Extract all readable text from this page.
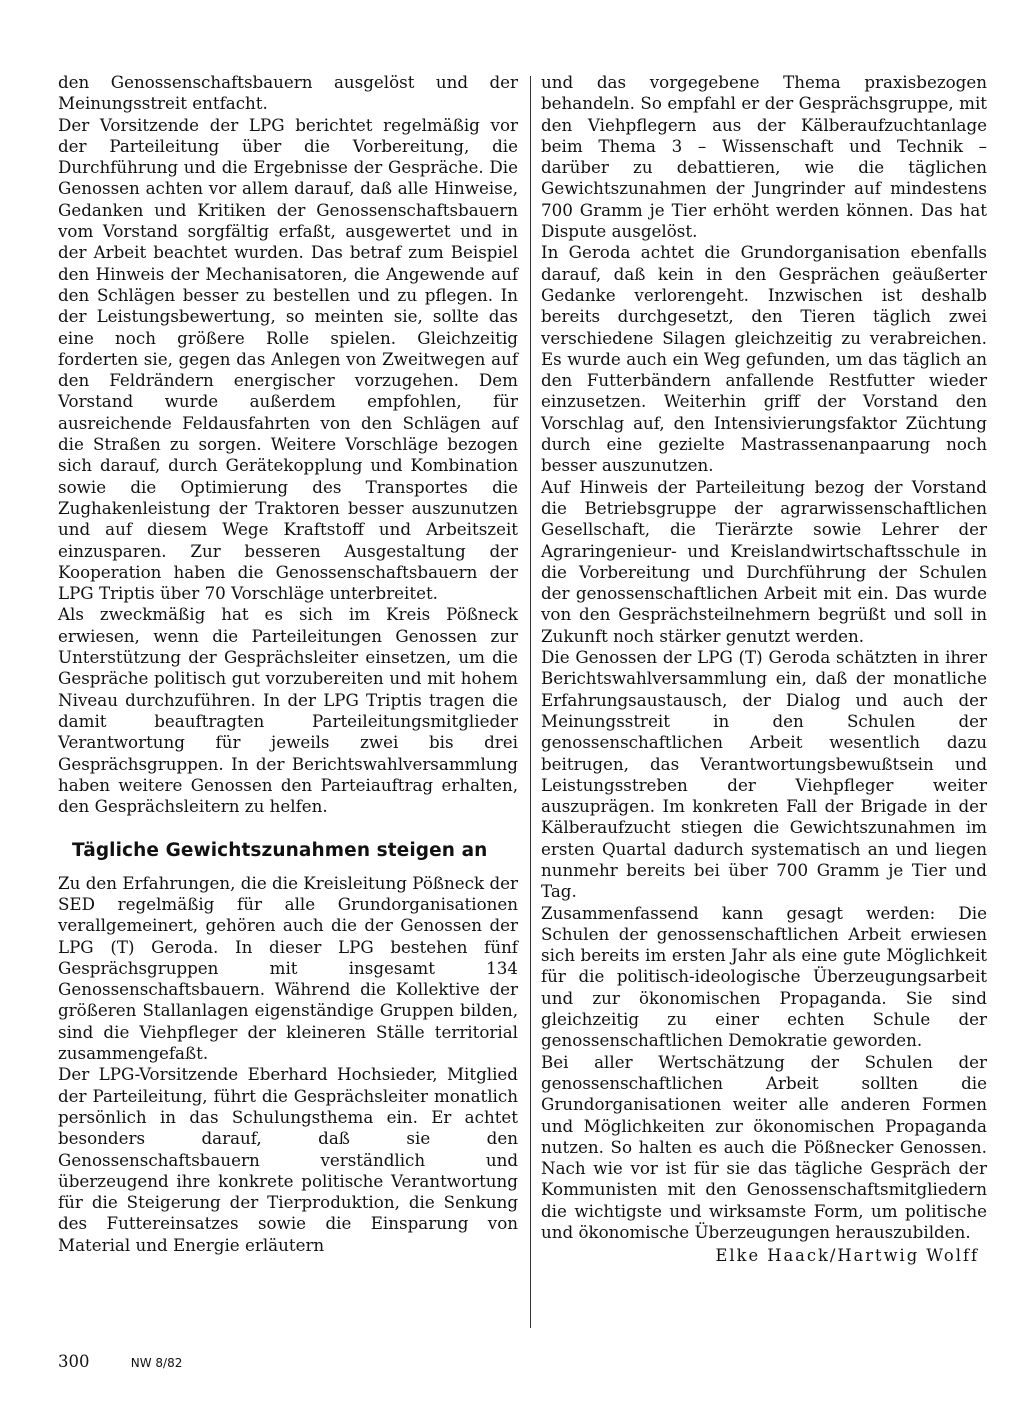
den Genossenschaftsbauern ausgelöst und der Meinungsstreit entfacht.

Der Vorsitzende der LPG berichtet regelmäßig vor der Parteileitung über die Vorbereitung, die Durchführung und die Ergebnisse der Gespräche. Die Genossen achten vor allem darauf, daß alle Hinweise, Gedanken und Kritiken der Genossenschaftsbauern vom Vorstand sorgfältig erfaßt, ausgewertet und in der Arbeit beachtet wurden. Das betraf zum Beispiel den Hinweis der Mechanisatoren, die Angewende auf den Schlägen besser zu bestellen und zu pflegen. In der Leistungsbewertung, so meinten sie, sollte das eine noch größere Rolle spielen. Gleichzeitig forderten sie, gegen das Anlegen von Zweitwegen auf den Feldrändern energischer vorzugehen. Dem Vorstand wurde außerdem empfohlen, für ausreichende Feldausfahrten von den Schlägen auf die Straßen zu sorgen. Weitere Vorschläge bezogen sich darauf, durch Gerätekopplung und Kombination sowie die Optimierung des Transportes die Zughakenleistung der Traktoren besser auszunutzen und auf diesem Wege Kraftstoff und Arbeitszeit einzusparen. Zur besseren Ausgestaltung der Kooperation haben die Genossenschaftsbauern der LPG Triptis über 70 Vorschläge unterbreitet.

Als zweckmäßig hat es sich im Kreis Pößneck erwiesen, wenn die Parteileitungen Genossen zur Unterstützung der Gesprächsleiter einsetzen, um die Gespräche politisch gut vorzubereiten und mit hohem Niveau durchzuführen. In der LPG Triptis tragen die damit beauftragten Parteileitungsmitglieder Verantwortung für jeweils zwei bis drei Gesprächsgruppen. In der Berichtswahlversammlung haben weitere Genossen den Parteiauftrag erhalten, den Gesprächsleitern zu helfen.

Tägliche Gewichtszunahmen steigen an

Zu den Erfahrungen, die die Kreisleitung Pößneck der SED regelmäßig für alle Grundorganisationen verallgemeinert, gehören auch die der Genossen der LPG (T) Geroda. In dieser LPG bestehen fünf Gesprächsgruppen mit insgesamt 134 Genossenschaftsbauern. Während die Kollektive der größeren Stallanlagen eigenständige Gruppen bilden, sind die Viehpfleger der kleineren Ställe territorial zusammengefaßt.

Der LPG-Vorsitzende Eberhard Hochsieder, Mitglied der Parteileitung, führt die Gesprächsleiter monatlich persönlich in das Schulungsthema ein. Er achtet besonders darauf, daß sie den Genossenschaftsbauern verständlich und überzeugend ihre konkrete politische Verantwortung für die Steigerung der Tierproduktion, die Senkung des Futtereinsatzes sowie die Einsparung von Material und Energie erläutern

und das vorgegebene Thema praxisbezogen behandeln. So empfahl er der Gesprächsgruppe, mit den Viehpflegern aus der Kälberaufzuchtanlage beim Thema 3 – Wissenschaft und Technik – darüber zu debattieren, wie die täglichen Gewichtszunahmen der Jungrinder auf mindestens 700 Gramm je Tier erhöht werden können. Das hat Dispute ausgelöst.

In Geroda achtet die Grundorganisation ebenfalls darauf, daß kein in den Gesprächen geäußerter Gedanke verlorengeht. Inzwischen ist deshalb bereits durchgesetzt, den Tieren täglich zwei verschiedene Silagen gleichzeitig zu verabreichen. Es wurde auch ein Weg gefunden, um das täglich an den Futterbändern anfallende Restfutter wieder einzusetzen. Weiterhin griff der Vorstand den Vorschlag auf, den Intensivierungsfaktor Züchtung durch eine gezielte Mastrassenanpaarung noch besser auszunutzen.

Auf Hinweis der Parteileitung bezog der Vorstand die Betriebsgruppe der agrarwissenschaftlichen Gesellschaft, die Tierärzte sowie Lehrer der Agraringenieur- und Kreislandwirtschaftsschule in die Vorbereitung und Durchführung der Schulen der genossenschaftlichen Arbeit mit ein. Das wurde von den Gesprächsteilnehmern begrüßt und soll in Zukunft noch stärker genutzt werden.

Die Genossen der LPG (T) Geroda schätzten in ihrer Berichtswahlversammlung ein, daß der monatliche Erfahrungsaustausch, der Dialog und auch der Meinungsstreit in den Schulen der genossenschaftlichen Arbeit wesentlich dazu beitrugen, das Verantwortungsbewußtsein und Leistungsstreben der Viehpfleger weiter auszuprägen. Im konkreten Fall der Brigade in der Kälberaufzucht stiegen die Gewichtszunahmen im ersten Quartal dadurch systematisch an und liegen nunmehr bereits bei über 700 Gramm je Tier und Tag.

Zusammenfassend kann gesagt werden: Die Schulen der genossenschaftlichen Arbeit erwiesen sich bereits im ersten Jahr als eine gute Möglichkeit für die politisch-ideologische Überzeugungsarbeit und zur ökonomischen Propaganda. Sie sind gleichzeitig zu einer echten Schule der genossenschaftlichen Demokratie geworden.

Bei aller Wertschätzung der Schulen der genossenschaftlichen Arbeit sollten die Grundorganisationen weiter alle anderen Formen und Möglichkeiten zur ökonomischen Propaganda nutzen. So halten es auch die Pößnecker Genossen. Nach wie vor ist für sie das tägliche Gespräch der Kommunisten mit den Genossenschaftsmitgliedern die wichtigste und wirksamste Form, um politische und ökonomische Überzeugungen herauszubilden.

Elke Haack/Hartwig Wolff
300	NW 8/82
